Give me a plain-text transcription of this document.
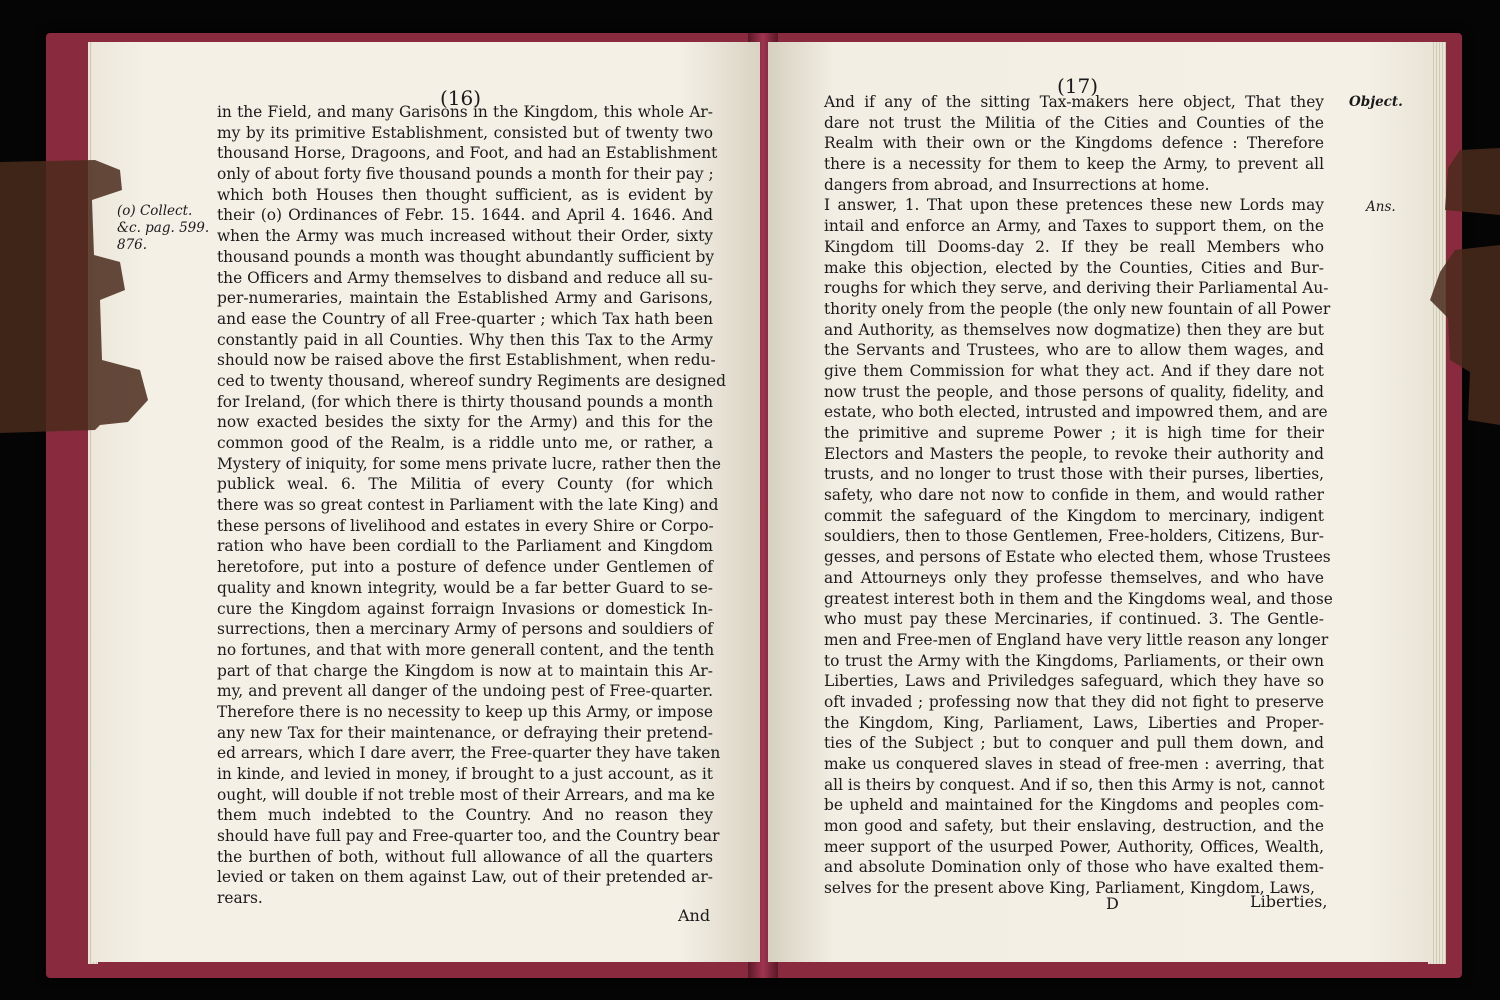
(16)
(o) Collect.
&c. pag. 599.
876.
in the Field, and many Garisons in the Kingdom, this whole Ar-
my by its primitive Establishment, consisted but of twenty two
thousand Horse, Dragoons, and Foot, and had an Establishment
only of about forty five thousand pounds a month for their pay ;
which both Houses then thought sufficient, as is evident by
their (o) Ordinances of Febr. 15. 1644. and April 4. 1646. And
when the Army was much increased without their Order, sixty
thousand pounds a month was thought abundantly sufficient by
the Officers and Army themselves to disband and reduce all su-
per-numeraries, maintain the Established Army and Garisons,
and ease the Country of all Free-quarter ; which Tax hath been
constantly paid in all Counties. Why then this Tax to the Army
should now be raised above the first Establishment, when redu-
ced to twenty thousand, whereof sundry Regiments are designed
for Ireland, (for which there is thirty thousand pounds a month
now exacted besides the sixty for the Army) and this for the
common good of the Realm, is a riddle unto me, or rather, a
Mystery of iniquity, for some mens private lucre, rather then the
publick weal. 6. The Militia of every County (for which
there was so great contest in Parliament with the late King) and
these persons of livelihood and estates in every Shire or Corpo-
ration who have been cordiall to the Parliament and Kingdom
heretofore, put into a posture of defence under Gentlemen of
quality and known integrity, would be a far better Guard to se-
cure the Kingdom against forraign Invasions or domestick In-
surrections, then a mercinary Army of persons and souldiers of
no fortunes, and that with more generall content, and the tenth
part of that charge the Kingdom is now at to maintain this Ar-
my, and prevent all danger of the undoing pest of Free-quarter.
Therefore there is no necessity to keep up this Army, or impose
any new Tax for their maintenance, or defraying their pretend-
ed arrears, which I dare averr, the Free-quarter they have taken
in kinde, and levied in money, if brought to a just account, as it
ought, will double if not treble most of their Arrears, and ma ke
them much indebted to the Country. And no reason they
should have full pay and Free-quarter too, and the Country bear
the burthen of both, without full allowance of all the quarters
levied or taken on them against Law, out of their pretended ar-
rears.
And
(17)
Object.
Ans.
And if any of the sitting Tax-makers here object, That they
dare not trust the Militia of the Cities and Counties of the
Realm with their own or the Kingdoms defence : Therefore
there is a necessity for them to keep the Army, to prevent all
dangers from abroad, and Insurrections at home.
I answer, 1. That upon these pretences these new Lords may
intail and enforce an Army, and Taxes to support them, on the
Kingdom till Dooms-day 2. If they be reall Members who
make this objection, elected by the Counties, Cities and Bur-
roughs for which they serve, and deriving their Parliamental Au-
thority onely from the people (the only new fountain of all Power
and Authority, as themselves now dogmatize) then they are but
the Servants and Trustees, who are to allow them wages, and
give them Commission for what they act. And if they dare not
now trust the people, and those persons of quality, fidelity, and
estate, who both elected, intrusted and impowred them, and are
the primitive and supreme Power ; it is high time for their
Electors and Masters the people, to revoke their authority and
trusts, and no longer to trust those with their purses, liberties,
safety, who dare not now to confide in them, and would rather
commit the safeguard of the Kingdom to mercinary, indigent
souldiers, then to those Gentlemen, Free-holders, Citizens, Bur-
gesses, and persons of Estate who elected them, whose Trustees
and Attourneys only they professe themselves, and who have
greatest interest both in them and the Kingdoms weal, and those
who must pay these Mercinaries, if continued. 3. The Gentle-
men and Free-men of England have very little reason any longer
to trust the Army with the Kingdoms, Parliaments, or their own
Liberties, Laws and Priviledges safeguard, which they have so
oft invaded ; professing now that they did not fight to preserve
the Kingdom, King, Parliament, Laws, Liberties and Proper-
ties of the Subject ; but to conquer and pull them down, and
make us conquered slaves in stead of free-men : averring, that
all is theirs by conquest. And if so, then this Army is not, cannot
be upheld and maintained for the Kingdoms and peoples com-
mon good and safety, but their enslaving, destruction, and the
meer support of the usurped Power, Authority, Offices, Wealth,
and absolute Domination only of those who have exalted them-
selves for the present above King, Parliament, Kingdom, Laws,
D	Liberties,
